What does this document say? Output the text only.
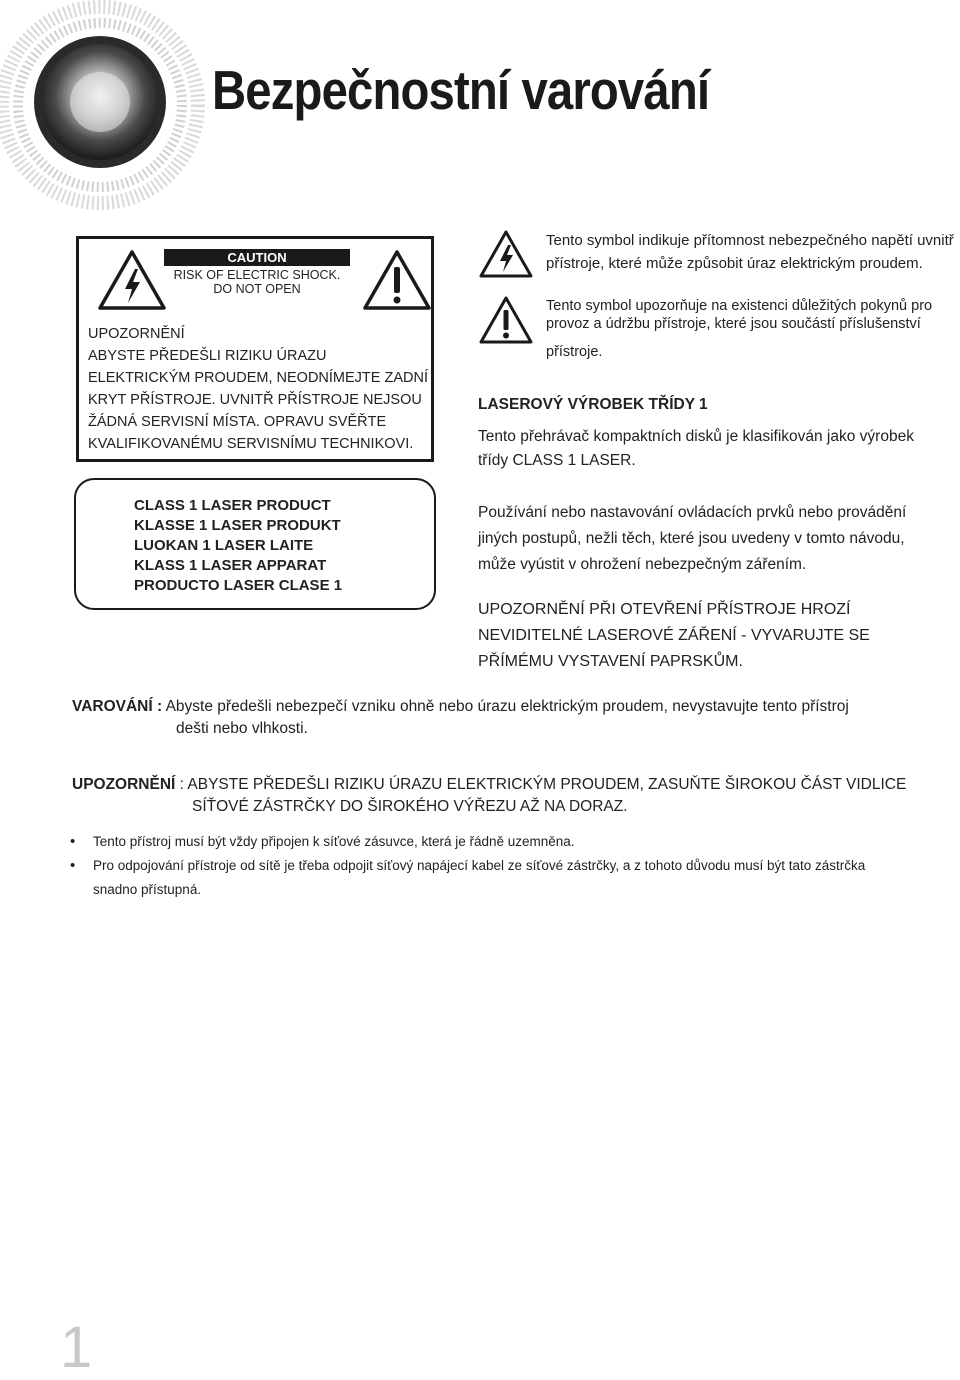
Bezpečnostní varování
CAUTION
RISK OF ELECTRIC SHOCK.
DO NOT OPEN
UPOZORNĚNÍ
ABYSTE PŘEDEŠLI RIZIKU ÚRAZU
ELEKTRICKÝM PROUDEM, NEODNÍMEJTE ZADNÍ
KRYT PŘÍSTROJE. UVNITŘ PŘÍSTROJE NEJSOU
ŽÁDNÁ SERVISNÍ MÍSTA. OPRAVU SVĚŘTE
KVALIFIKOVANÉMU SERVISNÍMU TECHNIKOVI.
CLASS 1 LASER PRODUCT
KLASSE 1 LASER PRODUKT
LUOKAN 1 LASER LAITE
KLASS 1 LASER APPARAT
PRODUCTO LASER CLASE 1
Tento symbol indikuje přítomnost nebezpečného napětí uvnitř
přístroje, které může způsobit úraz elektrickým proudem.
Tento symbol upozorňuje na existenci důležitých pokynů pro
provoz a údržbu přístroje, které jsou součástí příslušenství
přístroje.
LASEROVÝ VÝROBEK TŘÍDY 1
Tento přehrávač kompaktních disků je klasifikován jako výrobek
třídy CLASS 1 LASER.
Používání nebo nastavování ovládacích prvků nebo provádění
jiných postupů, nežli těch, které jsou uvedeny v tomto návodu,
může vyústit v ohrožení nebezpečným zářením.
UPOZORNĚNÍ PŘI OTEVŘENÍ PŘÍSTROJE HROZÍ
NEVIDITELNÉ LASEROVÉ ZÁŘENÍ - VYVARUJTE SE
PŘÍMÉMU VYSTAVENÍ PAPRSKŮM.
VAROVÁNÍ : Abyste předešli nebezpečí vzniku ohně nebo úrazu elektrickým proudem, nevystavujte tento přístroj
dešti nebo vlhkosti.
UPOZORNĚNÍ : ABYSTE PŘEDEŠLI RIZIKU ÚRAZU ELEKTRICKÝM PROUDEM, ZASUŇTE ŠIROKOU ČÁST VIDLICE
SÍŤOVÉ ZÁSTRČKY DO ŠIROKÉHO VÝŘEZU AŽ NA DORAZ.
• Tento přístroj musí být vždy připojen k síťové zásuvce, která je řádně uzemněna.
• Pro odpojování přístroje od sítě je třeba odpojit síťový napájecí kabel ze síťové zástrčky, a z tohoto důvodu musí být tato zástrčka
snadno přístupná.
1
